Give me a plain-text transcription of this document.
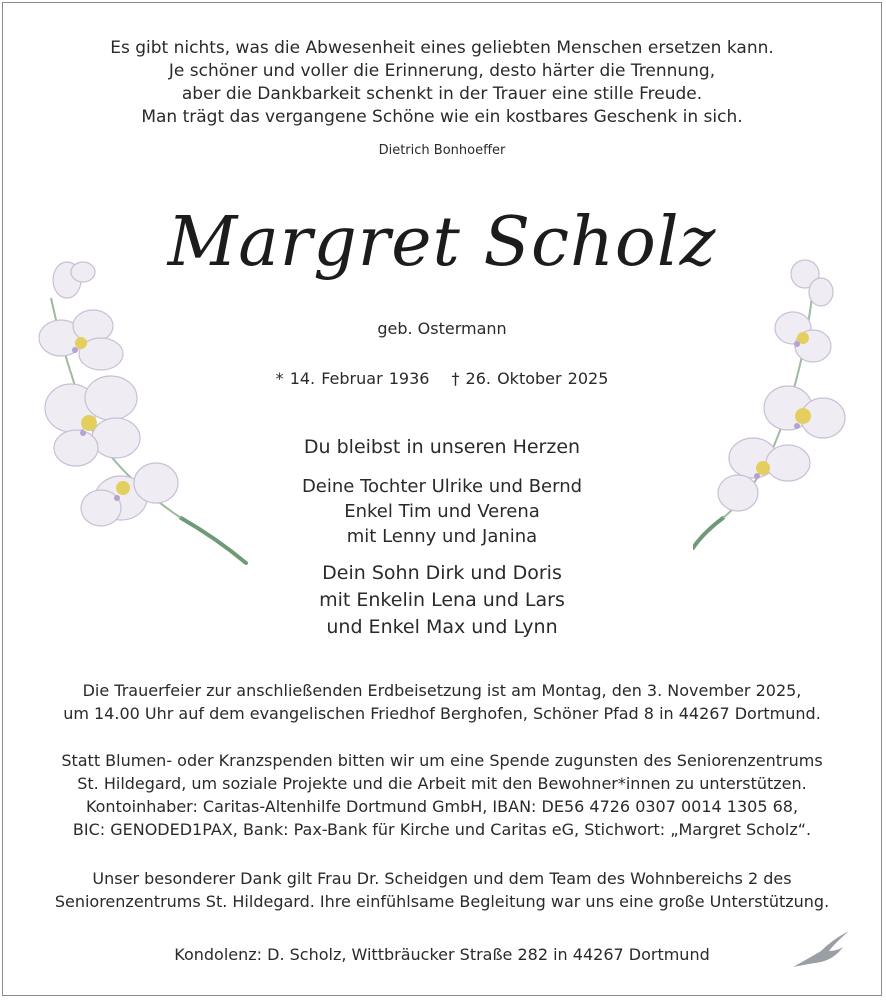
Es gibt nichts, was die Abwesenheit eines geliebten Menschen ersetzen kann.
Je schöner und voller die Erinnerung, desto härter die Trennung,
aber die Dankbarkeit schenkt in der Trauer eine stille Freude.
Man trägt das vergangene Schöne wie ein kostbares Geschenk in sich.
Dietrich Bonhoeffer
Margret Scholz
geb. Ostermann
* 14. Februar 1936 † 26. Oktober 2025
Du bleibst in unseren Herzen
Deine Tochter Ulrike und Bernd
Enkel Tim und Verena
mit Lenny und Janina
Dein Sohn Dirk und Doris
mit Enkelin Lena und Lars
und Enkel Max und Lynn
Die Trauerfeier zur anschließenden Erdbeisetzung ist am Montag, den 3. November 2025,
um 14.00 Uhr auf dem evangelischen Friedhof Berghofen, Schöner Pfad 8 in 44267 Dortmund.
Statt Blumen- oder Kranzspenden bitten wir um eine Spende zugunsten des Seniorenzentrums
St. Hildegard, um soziale Projekte und die Arbeit mit den Bewohner*innen zu unterstützen.
Kontoinhaber: Caritas-Altenhilfe Dortmund GmbH, IBAN: DE56 4726 0307 0014 1305 68,
BIC: GENODED1PAX, Bank: Pax-Bank für Kirche und Caritas eG, Stichwort: „Margret Scholz“.
Unser besonderer Dank gilt Frau Dr. Scheidgen und dem Team des Wohnbereichs 2 des
Seniorenzentrums St. Hildegard. Ihre einfühlsame Begleitung war uns eine große Unterstützung.
Kondolenz: D. Scholz, Wittbräucker Straße 282 in 44267 Dortmund
